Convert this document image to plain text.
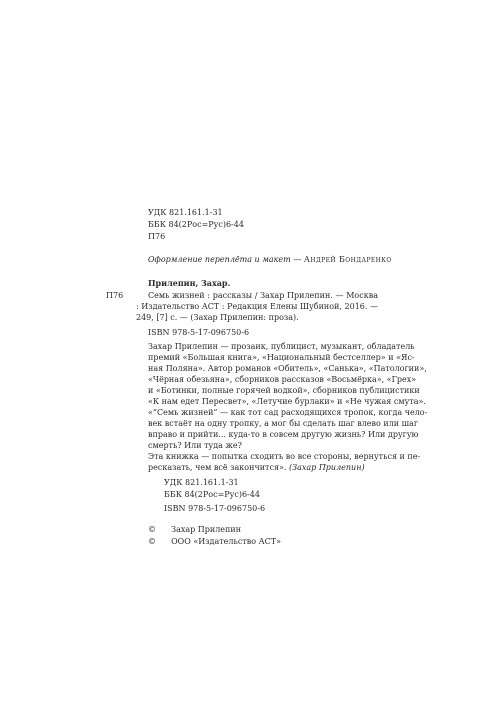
УДК 821.161.1-31
ББК 84(2Рос=Рус)6-44
П76
Оформление переплёта и макет — Андрей Бондаренко
Прилепин, Захар.
П76	Семь жизней : рассказы / Захар Прилепин. — Москва : Издательство АСТ : Редакция Елены Шубиной, 2016. — 249, [7] с. — (Захар Прилепин: проза).
ISBN 978-5-17-096750-6
Захар Прилепин — прозаик, публицист, музыкант, обладатель
премий «Большая книга», «Национальный бестселлер» и «Яс-
ная Поляна». Автор романов «Обитель», «Санька», «Патологии»,
«Чёрная обезьяна», сборников рассказов «Восьмёрка», «Грех»
и «Ботинки, полные горячей водкой», сборников публицистики
«К нам едет Пересвет», «Летучие бурлаки» и «Не чужая смута».
«“Семь жизней” — как тот сад расходящихся тропок, когда чело-
век встаёт на одну тропку, а мог бы сделать шаг влево или шаг
вправо и прийти... куда-то в совсем другую жизнь? Или другую
смерть? Или туда же?
Эта книжка — попытка сходить во все стороны, вернуться и пе-
ресказать, чем всё закончится». (Захар Прилепин)
УДК 821.161.1-31
ББК 84(2Рос=Рус)6-44
ISBN 978-5-17-096750-6
© Захар Прилепин
© ООО «Издательство АСТ»
